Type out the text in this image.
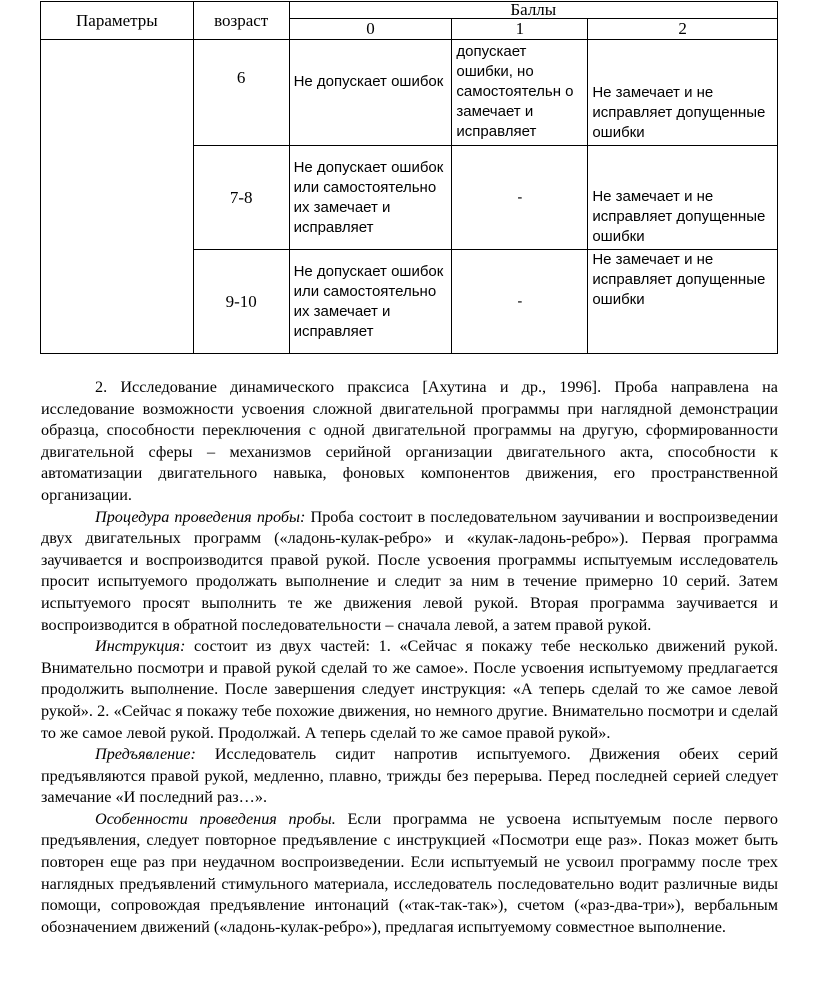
Параметры	возраст	Баллы		
		0	1	2
	6	Не допускает ошибок	допускает ошибки, но самостоятельн о замечает и исправляет	Не замечает и не исправляет допущенные ошибки
	7-8	Не допускает ошибок или самостоятельно их замечает и исправляет	-	Не замечает и не исправляет допущенные ошибки
	9-10	Не допускает ошибок или самостоятельно их замечает и исправляет	-	Не замечает и не исправляет допущенные ошибки

2. Исследование динамического праксиса [Ахутина и др., 1996]. Проба направлена на исследование возможности усвоения сложной двигательной программы при наглядной демонстрации образца, способности переключения с одной двигательной программы на другую, сформированности двигательной сферы – механизмов серийной организации двигательного акта, способности к автоматизации двигательного навыка, фоновых компонентов движения, его пространственной организации.

Процедура проведения пробы: Проба состоит в последовательном заучивании и воспроизведении двух двигательных программ («ладонь-кулак-ребро» и «кулак-ладонь-ребро»). Первая программа заучивается и воспроизводится правой рукой. После усвоения программы испытуемым исследователь просит испытуемого продолжать выполнение и следит за ним в течение примерно 10 серий. Затем испытуемого просят выполнить те же движения левой рукой. Вторая программа заучивается и воспроизводится в обратной последовательности – сначала левой, а затем правой рукой.

Инструкция: состоит из двух частей: 1. «Сейчас я покажу тебе несколько движений рукой. Внимательно посмотри и правой рукой сделай то же самое». После усвоения испытуемому предлагается продолжить выполнение. После завершения следует инструкция: «А теперь сделай то же самое левой рукой». 2. «Сейчас я покажу тебе похожие движения, но немного другие. Внимательно посмотри и сделай то же самое левой рукой. Продолжай. А теперь сделай то же самое правой рукой».

Предъявление: Исследователь сидит напротив испытуемого. Движения обеих серий предъявляются правой рукой, медленно, плавно, трижды без перерыва. Перед последней серией следует замечание «И последний раз…».

Особенности проведения пробы. Если программа не усвоена испытуемым после первого предъявления, следует повторное предъявление с инструкцией «Посмотри еще раз». Показ может быть повторен еще раз при неудачном воспроизведении. Если испытуемый не усвоил программу после трех наглядных предъявлений стимульного материала, исследователь последовательно водит различные виды помощи, сопровождая предъявление интонаций («так-так-так»), счетом («раз-два-три»), вербальным обозначением движений («ладонь-кулак-ребро»), предлагая испытуемому совместное выполнение.
